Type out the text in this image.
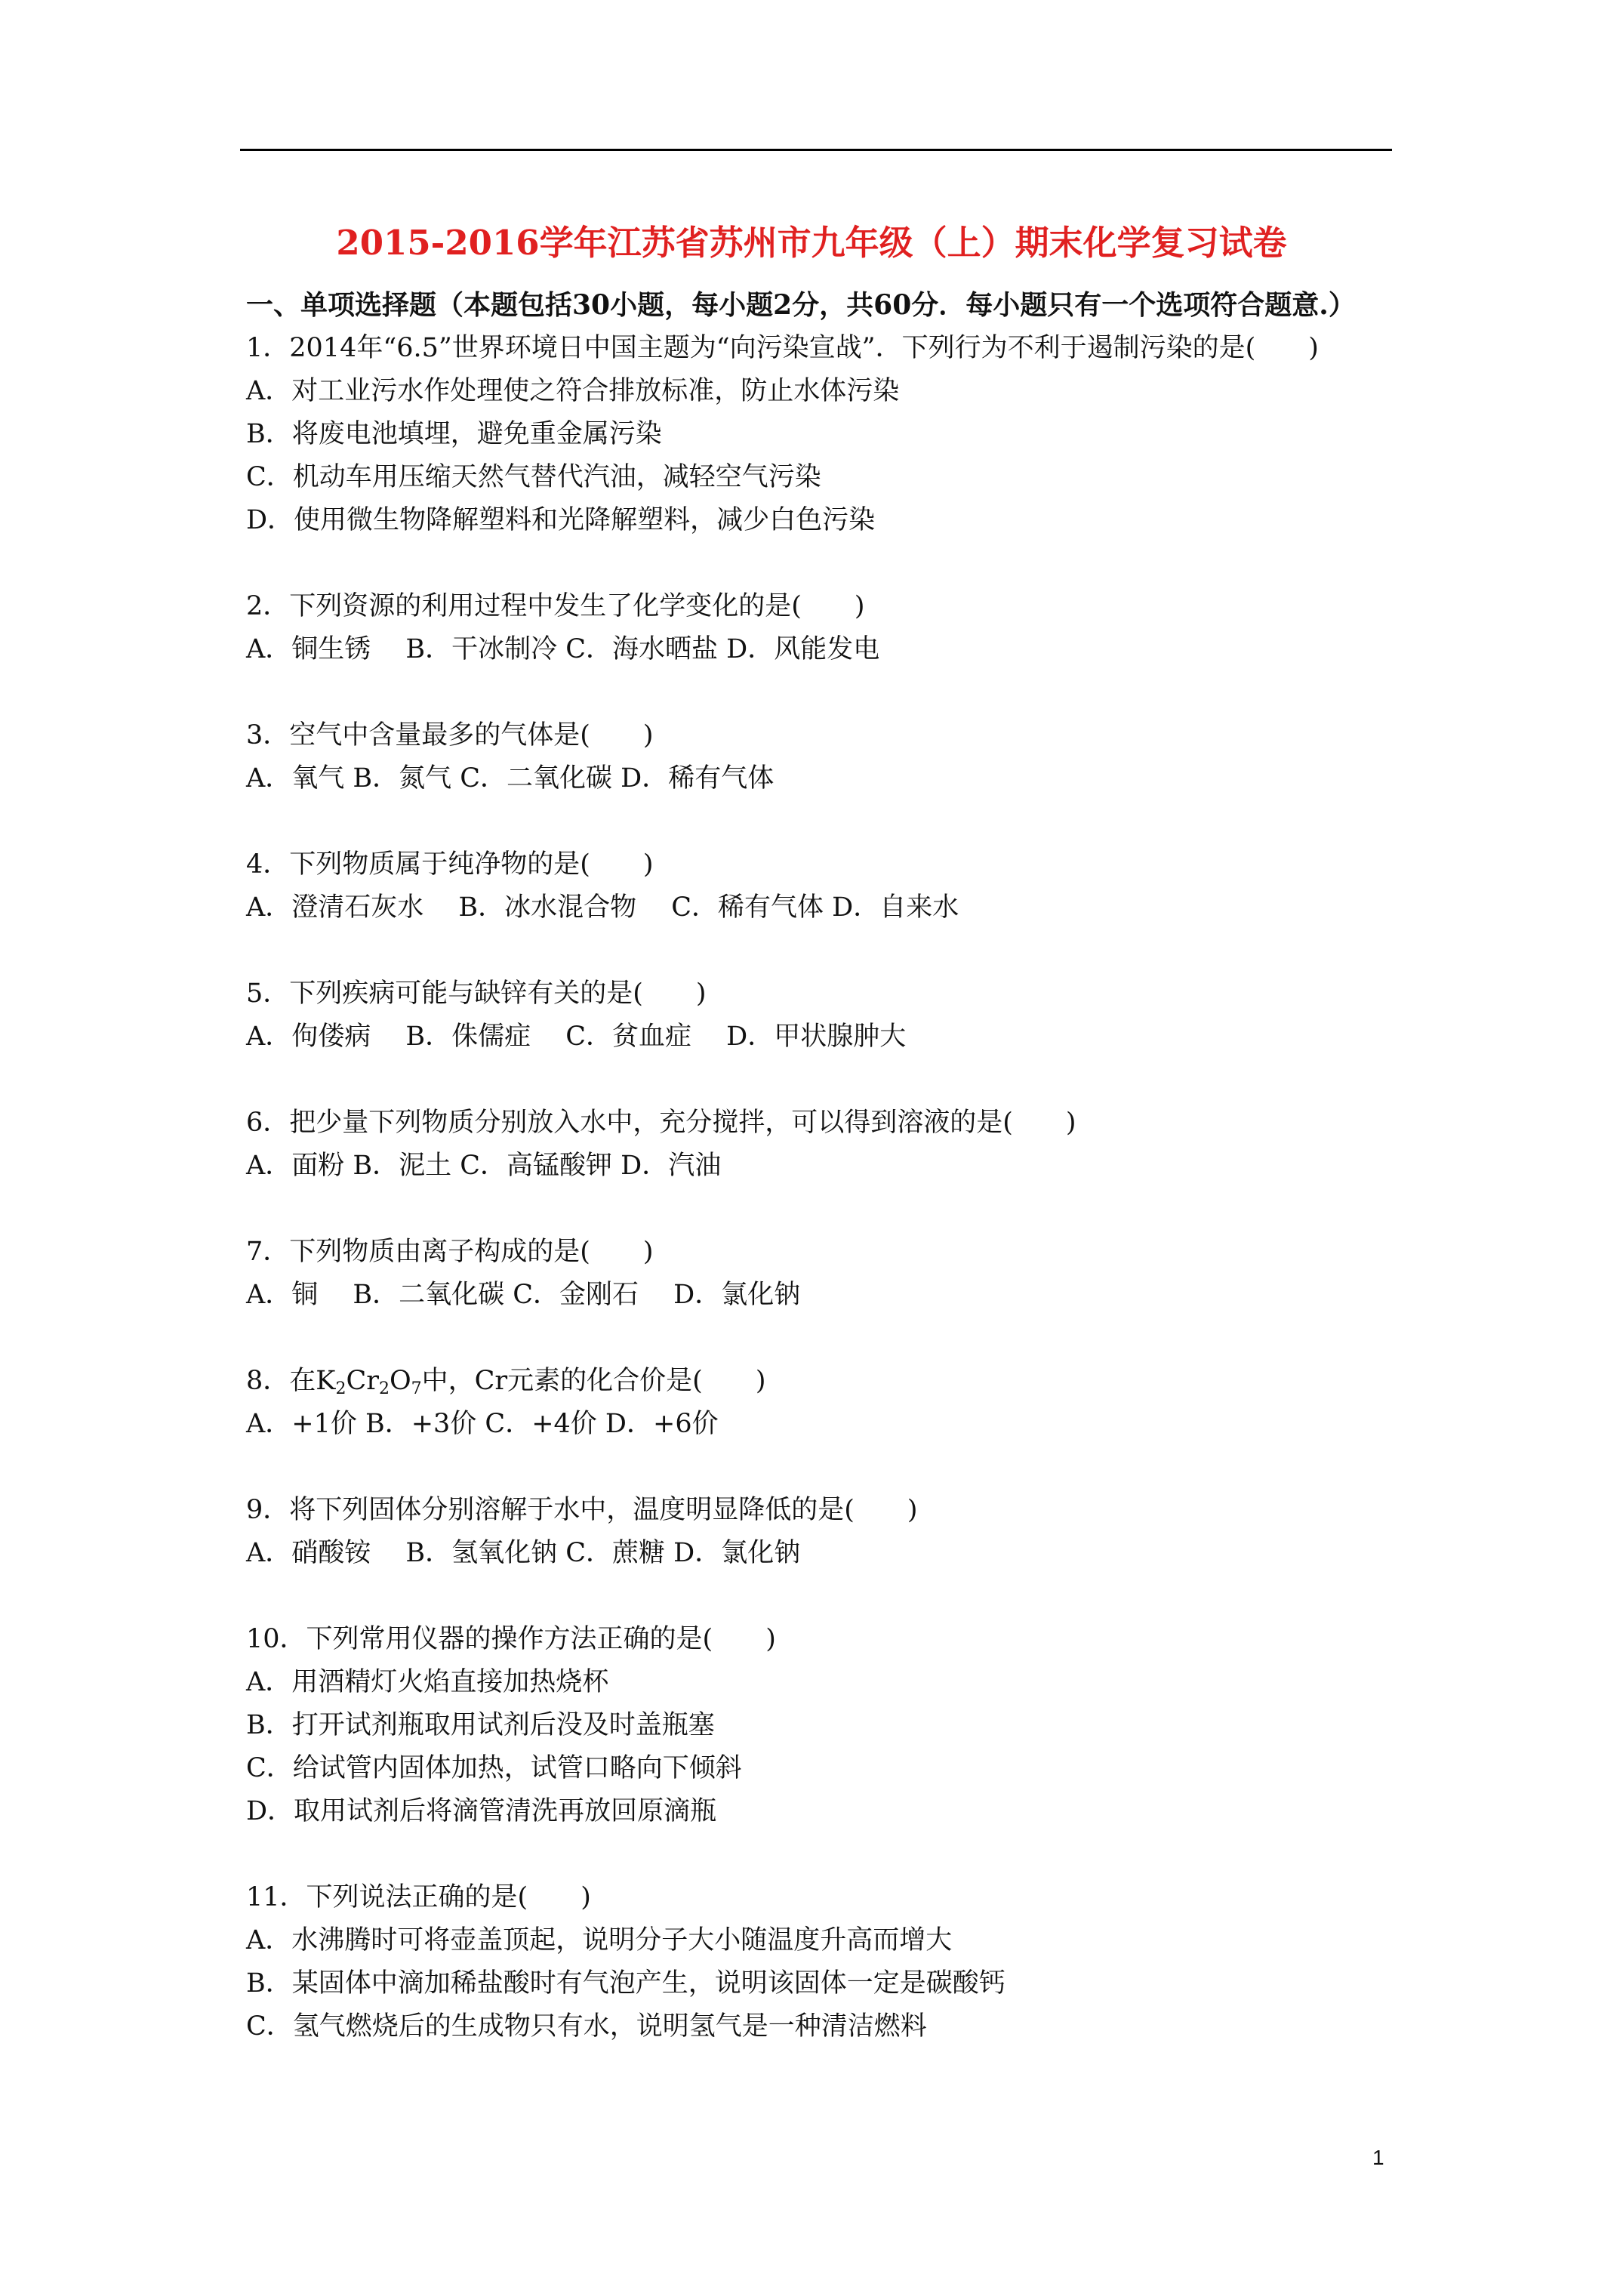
2015-2016学年江苏省苏州市九年级（上）期末化学复习试卷
一、单项选择题（本题包括30小题，每小题2分，共60分．每小题只有一个选项符合题意.）
1．2014年“6.5”世界环境日中国主题为“向污染宣战”．下列行为不利于遏制污染的是(　　)
A．对工业污水作处理使之符合排放标准，防止水体污染
B．将废电池填埋，避免重金属污染
C．机动车用压缩天然气替代汽油，减轻空气污染
D．使用微生物降解塑料和光降解塑料，减少白色污染
2．下列资源的利用过程中发生了化学变化的是(　　)
A．铜生锈　 B．干冰制冷 C．海水晒盐 D．风能发电
3．空气中含量最多的气体是(　　)
A．氧气 B．氮气 C．二氧化碳 D．稀有气体
4．下列物质属于纯净物的是(　　)
A．澄清石灰水　 B．冰水混合物　 C．稀有气体 D．自来水
5．下列疾病可能与缺锌有关的是(　　)
A．佝偻病　 B．侏儒症　 C．贫血症　 D．甲状腺肿大
6．把少量下列物质分别放入水中，充分搅拌，可以得到溶液的是(　　)
A．面粉 B．泥土 C．高锰酸钾 D．汽油
7．下列物质由离子构成的是(　　)
A．铜　 B．二氧化碳 C．金刚石　 D．氯化钠
8．在$K_2Cr_2O_7$中，Cr元素的化合价是(　　)
A．+1价 B．+3价 C．+4价 D．+6价
9．将下列固体分别溶解于水中，温度明显降低的是(　　)
A．硝酸铵　 B．氢氧化钠 C．蔗糖 D．氯化钠
10．下列常用仪器的操作方法正确的是(　　)
A．用酒精灯火焰直接加热烧杯
B．打开试剂瓶取用试剂后没及时盖瓶塞
C．给试管内固体加热，试管口略向下倾斜
D．取用试剂后将滴管清洗再放回原滴瓶
11．下列说法正确的是(　　)
A．水沸腾时可将壶盖顶起，说明分子大小随温度升高而增大
B．某固体中滴加稀盐酸时有气泡产生，说明该固体一定是碳酸钙
C．氢气燃烧后的生成物只有水，说明氢气是一种清洁燃料
1
